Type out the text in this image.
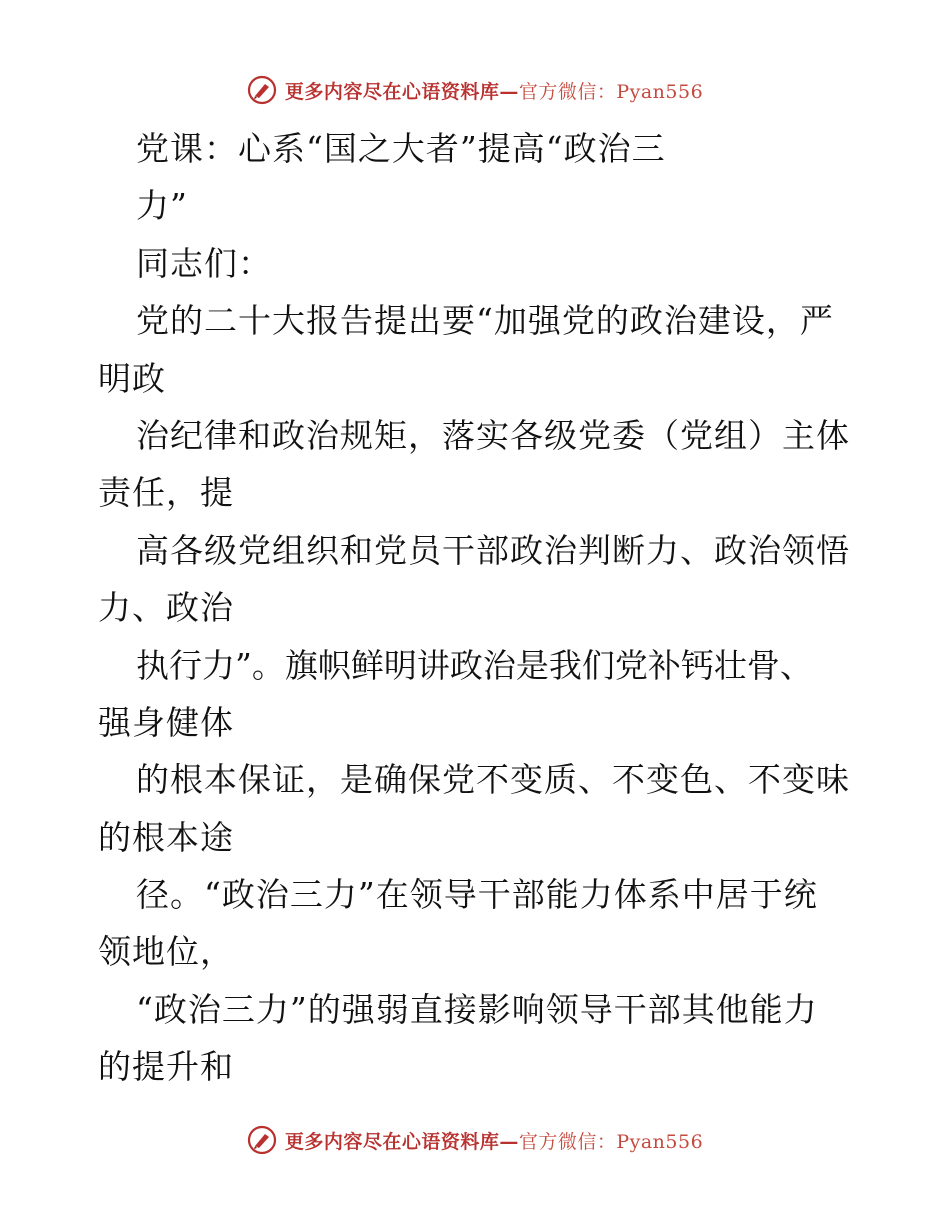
更多内容尽在心语资料库—官方微信：Pyan556
党课：心系“国之大者”提高“政治三
力”
同志们：
党的二十大报告提出要“加强党的政治建设，严
明政
治纪律和政治规矩，落实各级党委（党组）主体
责任，提
高各级党组织和党员干部政治判断力、政治领悟
力、政治
执行力”。旗帜鲜明讲政治是我们党补钙壮骨、
强身健体
的根本保证，是确保党不变质、不变色、不变味
的根本途
径。“政治三力”在领导干部能力体系中居于统
领地位，
“政治三力”的强弱直接影响领导干部其他能力
的提升和
更多内容尽在心语资料库—官方微信：Pyan556
